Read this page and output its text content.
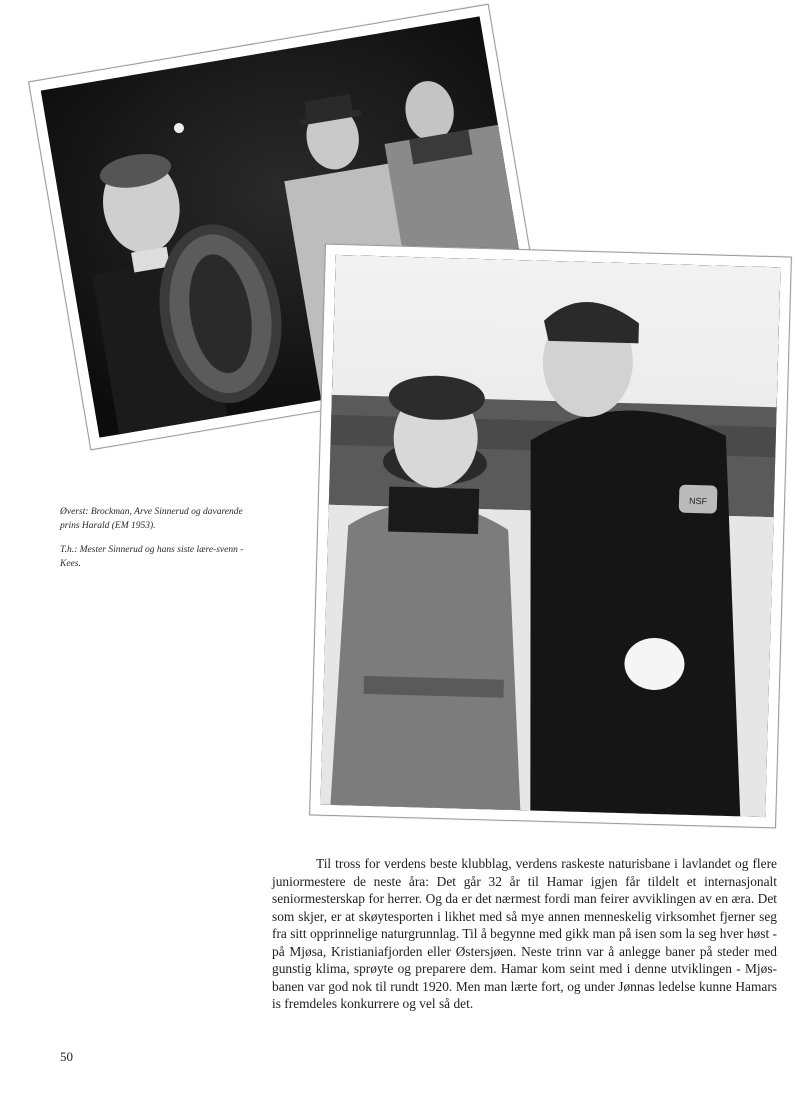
NSF
Øverst: Brockman, Arve Sinnerud og davarende prins Harald (EM 1953).
T.h.: Mester Sinnerud og hans siste lære-svenn - Kees.

Til tross for verdens beste klubblag, verdens raskeste naturisbane i lavlandet og flere juniormestere de neste åra: Det går 32 år til Hamar igjen får tildelt et internasjonalt seniormesterskap for herrer. Og da er det nærmest fordi man feirer avviklingen av en æra. Det som skjer, er at skøytesporten i likhet med så mye annen menneskelig virksomhet fjerner seg fra sitt opprinnelige naturgrunnlag. Til å begynne med gikk man på isen som la seg hver høst - på Mjøsa, Kristianiafjorden eller Østersjøen. Neste trinn var å anlegge baner på steder med gunstig klima, sprøyte og preparere dem. Hamar kom seint med i denne utviklingen - Mjøs-banen var god nok til rundt 1920. Men man lærte fort, og under Jønnas ledelse kunne Hamars is fremdeles konkurrere og vel så det.

50
